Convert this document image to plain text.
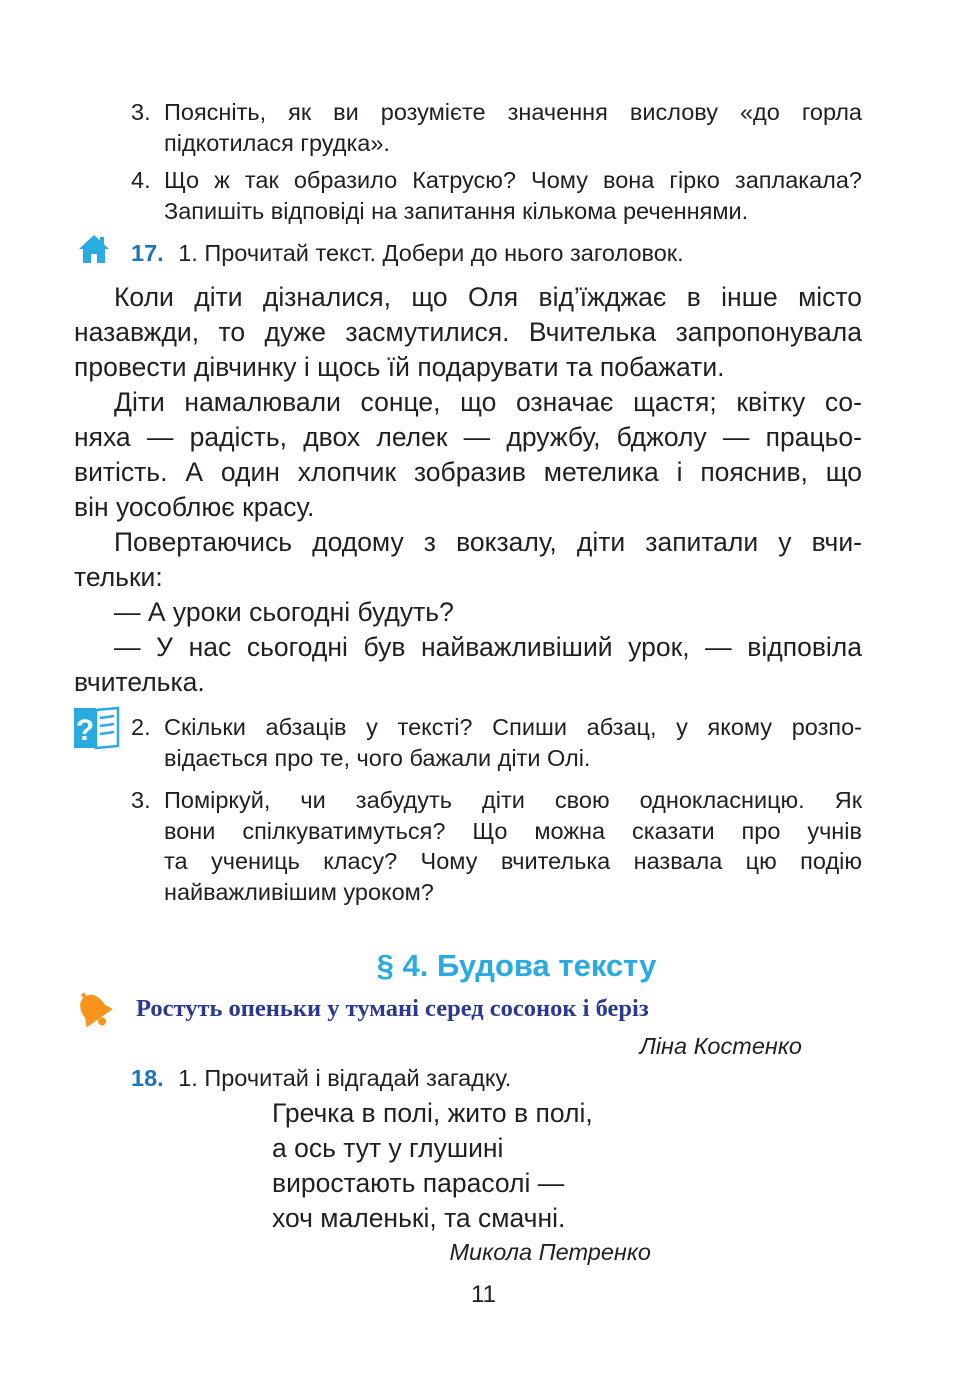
3. Поясніть, як ви розумієте значення вислову «до горла
підкотилася грудка».
4. Що ж так образило Катрусю? Чому вона гірко заплакала?
Запишіть відповіді на запитання кількома реченнями.
17. 1. Прочитай текст. Добери до нього заголовок.
Коли діти дізналися, що Оля від’їжджає в інше місто
назавжди, то дуже засмутилися. Вчителька запропонувала
провести дівчинку і щось їй подарувати та побажати.
Діти намалювали сонце, що означає щастя; квітку со-
няха — радість, двох лелек — дружбу, бджолу — працьо-
витість. А один хлопчик зобразив метелика і пояснив, що
він уособлює красу.
Повертаючись додому з вокзалу, діти запитали у вчи-
тельки:
— А уроки сьогодні будуть?
— У нас сьогодні був найважливіший урок, — відповіла
вчителька.
? 2. Скільки абзаців у тексті? Спиши абзац, у якому розпо-
відається про те, чого бажали діти Олі.
3. Поміркуй, чи забудуть діти свою однокласницю. Як
вони спілкуватимуться? Що можна сказати про учнів
та учениць класу? Чому вчителька назвала цю подію
найважливішим уроком?
§ 4. Будова тексту
Ростуть опеньки у тумані серед сосонок і беріз
Ліна Костенко
18. 1. Прочитай і відгадай загадку.
Гречка в полі, жито в полі,
а ось тут у глушині
виростають парасолі —
хоч маленькі, та смачні.
Микола Петренко
11
